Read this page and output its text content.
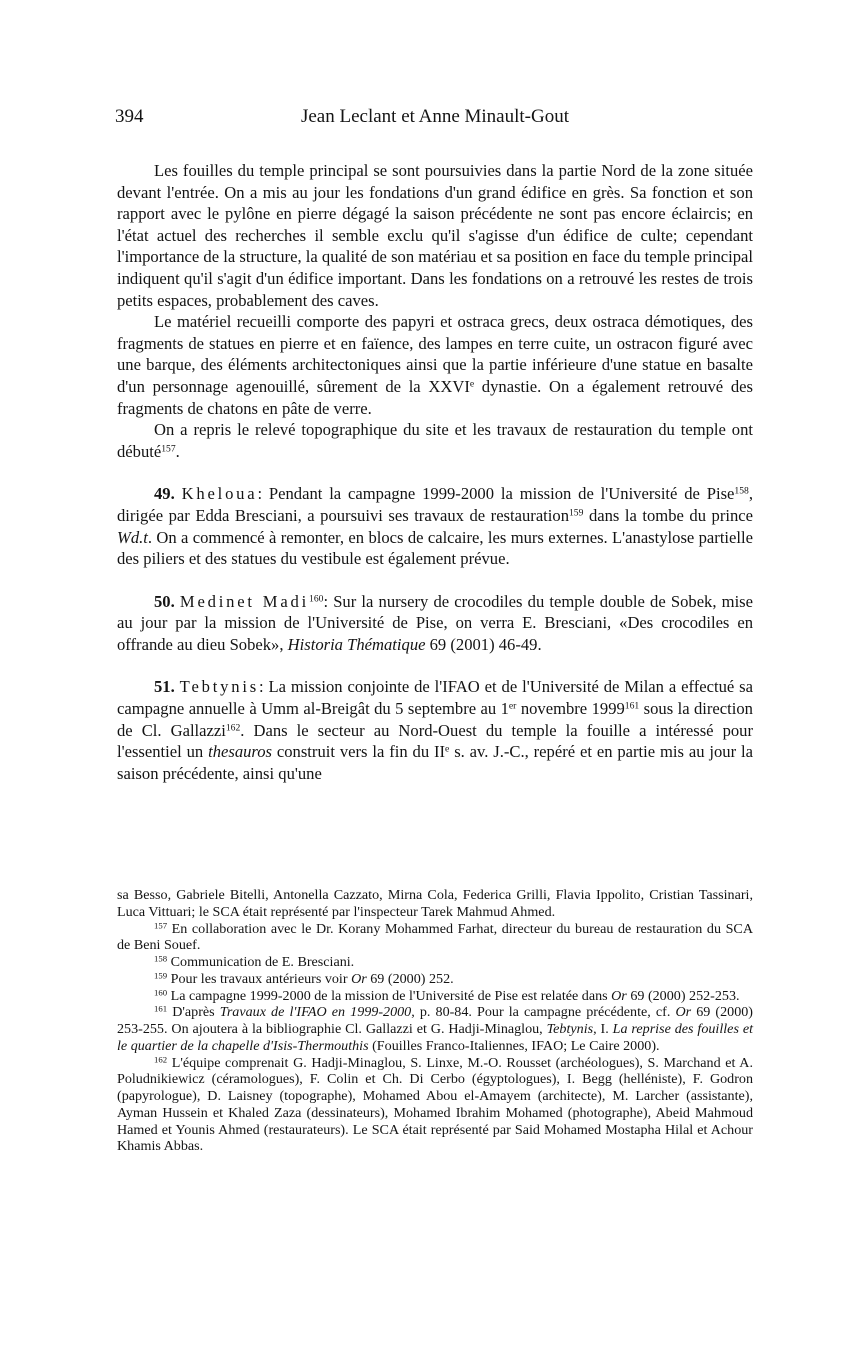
394	Jean Leclant et Anne Minault-Gout

Les fouilles du temple principal se sont poursuivies dans la partie Nord de la zone située devant l'entrée. On a mis au jour les fondations d'un grand édifice en grès. Sa fonction et son rapport avec le pylône en pierre dégagé la saison précédente ne sont pas encore éclaircis; en l'état actuel des recherches il semble exclu qu'il s'agisse d'un édifice de culte; cependant l'importance de la structure, la qualité de son matériau et sa position en face du temple principal indiquent qu'il s'agit d'un édifice important. Dans les fondations on a retrouvé les restes de trois petits espaces, probablement des caves.

Le matériel recueilli comporte des papyri et ostraca grecs, deux ostraca démotiques, des fragments de statues en pierre et en faïence, des lampes en terre cuite, un ostracon figuré avec une barque, des éléments architectoniques ainsi que la partie inférieure d'une statue en basalte d'un personnage agenouillé, sûrement de la XXVIe dynastie. On a également retrouvé des fragments de chatons en pâte de verre.

On a repris le relevé topographique du site et les travaux de restauration du temple ont débuté$^{157}$.

49. Kheloua: Pendant la campagne 1999-2000 la mission de l'Université de Pise$^{158}$, dirigée par Edda Bresciani, a poursuivi ses travaux de restauration$^{159}$ dans la tombe du prince Wd.t. On a commencé à remonter, en blocs de calcaire, les murs externes. L'anastylose partielle des piliers et des statues du vestibule est également prévue.

50. Medinet Madi$^{160}$: Sur la nursery de crocodiles du temple double de Sobek, mise au jour par la mission de l'Université de Pise, on verra E. Bresciani, «Des crocodiles en offrande au dieu Sobek», Historia Thématique 69 (2001) 46-49.

51. Tebtynis: La mission conjointe de l'IFAO et de l'Université de Milan a effectué sa campagne annuelle à Umm al-Breigât du 5 septembre au 1er novembre 1999$^{161}$ sous la direction de Cl. Gallazzi$^{162}$. Dans le secteur au Nord-Ouest du temple la fouille a intéressé pour l'essentiel un thesauros construit vers la fin du IIe s. av. J.-C., repéré et en partie mis au jour la saison précédente, ainsi qu'une

sa Besso, Gabriele Bitelli, Antonella Cazzato, Mirna Cola, Federica Grilli, Flavia Ippolito, Cristian Tassinari, Luca Vittuari; le SCA était représenté par l'inspecteur Tarek Mahmud Ahmed.

$^{157}$ En collaboration avec le Dr. Korany Mohammed Farhat, directeur du bureau de restauration du SCA de Beni Souef.

$^{158}$ Communication de E. Bresciani.

$^{159}$ Pour les travaux antérieurs voir Or 69 (2000) 252.

$^{160}$ La campagne 1999-2000 de la mission de l'Université de Pise est relatée dans Or 69 (2000) 252-253.

$^{161}$ D'après Travaux de l'IFAO en 1999-2000, p. 80-84. Pour la campagne précédente, cf. Or 69 (2000) 253-255. On ajoutera à la bibliographie Cl. Gallazzi et G. Hadji-Minaglou, Tebtynis, I. La reprise des fouilles et le quartier de la chapelle d'Isis-Thermouthis (Fouilles Franco-Italiennes, IFAO; Le Caire 2000).

$^{162}$ L'équipe comprenait G. Hadji-Minaglou, S. Linxe, M.-O. Rousset (archéologues), S. Marchand et A. Poludnikiewicz (céramologues), F. Colin et Ch. Di Cerbo (égyptologues), I. Begg (helléniste), F. Godron (papyrologue), D. Laisney (topographe), Mohamed Abou el-Amayem (architecte), M. Larcher (assistante), Ayman Hussein et Khaled Zaza (dessinateurs), Mohamed Ibrahim Mohamed (photographe), Abeid Mahmoud Hamed et Younis Ahmed (restaurateurs). Le SCA était représenté par Said Mohamed Mostapha Hilal et Achour Khamis Abbas.
